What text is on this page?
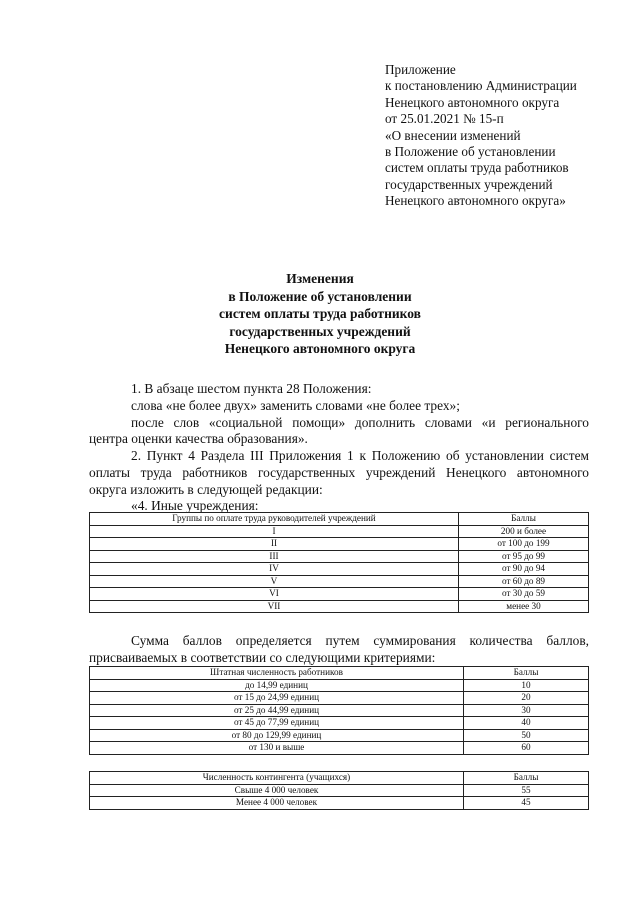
Приложение
к постановлению Администрации
Ненецкого автономного округа
от 25.01.2021 № 15-п
«О внесении изменений
в Положение об установлении
систем оплаты труда работников
государственных учреждений
Ненецкого автономного округа»
Изменения
в Положение об установлении
систем оплаты труда работников
государственных учреждений
Ненецкого автономного округа
1. В абзаце шестом пункта 28 Положения:
слова «не более двух» заменить словами «не более трех»;
после слов «социальной помощи» дополнить словами «и регионального
центра оценки качества образования».
2. Пункт 4 Раздела III Приложения 1 к Положению об установлении систем
оплаты труда работников государственных учреждений Ненецкого автономного
округа изложить в следующей редакции:
«4. Иные учреждения:
Группы по оплате труда руководителей учреждений	Баллы
I	200 и более
II	от 100 до 199
III	от 95 до 99
IV	от 90 до 94
V	от 60 до 89
VI	от 30 до 59
VII	менее 30
Сумма баллов определяется путем суммирования количества баллов,
присваиваемых в соответствии со следующими критериями:
Штатная численность работников	Баллы
до 14,99 единиц	10
от 15 до 24,99 единиц	20
от 25 до 44,99 единиц	30
от 45 до 77,99 единиц	40
от 80 до 129,99 единиц	50
от 130 и выше	60
Численность контингента (учащихся)	Баллы
Свыше 4 000 человек	55
Менее 4 000 человек	45
